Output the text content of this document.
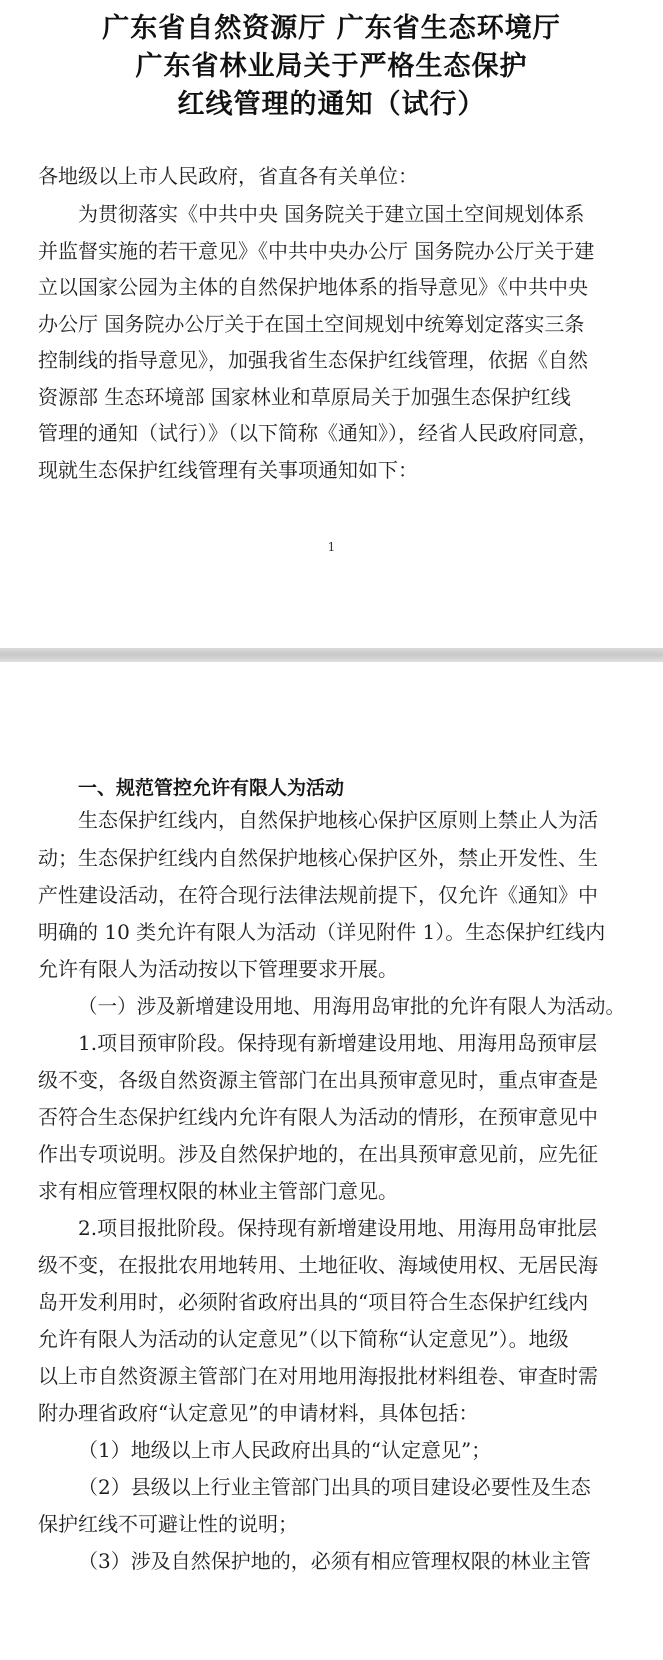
广东省自然资源厅 广东省生态环境厅
广东省林业局关于严格生态保护
红线管理的通知（试行）
各地级以上市人民政府，省直各有关单位：
为贯彻落实《中共中央 国务院关于建立国土空间规划体系
并监督实施的若干意见》《中共中央办公厅 国务院办公厅关于建
立以国家公园为主体的自然保护地体系的指导意见》《中共中央
办公厅 国务院办公厅关于在国土空间规划中统筹划定落实三条
控制线的指导意见》，加强我省生态保护红线管理，依据《自然
资源部 生态环境部 国家林业和草原局关于加强生态保护红线
管理的通知（试行）》（以下简称《通知》），经省人民政府同意，
现就生态保护红线管理有关事项通知如下：
1
一、规范管控允许有限人为活动
生态保护红线内，自然保护地核心保护区原则上禁止人为活
动；生态保护红线内自然保护地核心保护区外，禁止开发性、生
产性建设活动，在符合现行法律法规前提下，仅允许《通知》中
明确的 10 类允许有限人为活动（详见附件 1）。生态保护红线内
允许有限人为活动按以下管理要求开展。
（一）涉及新增建设用地、用海用岛审批的允许有限人为活动。
1.项目预审阶段。保持现有新增建设用地、用海用岛预审层
级不变，各级自然资源主管部门在出具预审意见时，重点审查是
否符合生态保护红线内允许有限人为活动的情形，在预审意见中
作出专项说明。涉及自然保护地的，在出具预审意见前，应先征
求有相应管理权限的林业主管部门意见。
2.项目报批阶段。保持现有新增建设用地、用海用岛审批层
级不变，在报批农用地转用、土地征收、海域使用权、无居民海
岛开发利用时，必须附省政府出具的“项目符合生态保护红线内
允许有限人为活动的认定意见”（以下简称“认定意见”）。地级
以上市自然资源主管部门在对用地用海报批材料组卷、审查时需
附办理省政府“认定意见”的申请材料，具体包括：
（1）地级以上市人民政府出具的“认定意见”；
（2）县级以上行业主管部门出具的项目建设必要性及生态
保护红线不可避让性的说明；
（3）涉及自然保护地的，必须有相应管理权限的林业主管
